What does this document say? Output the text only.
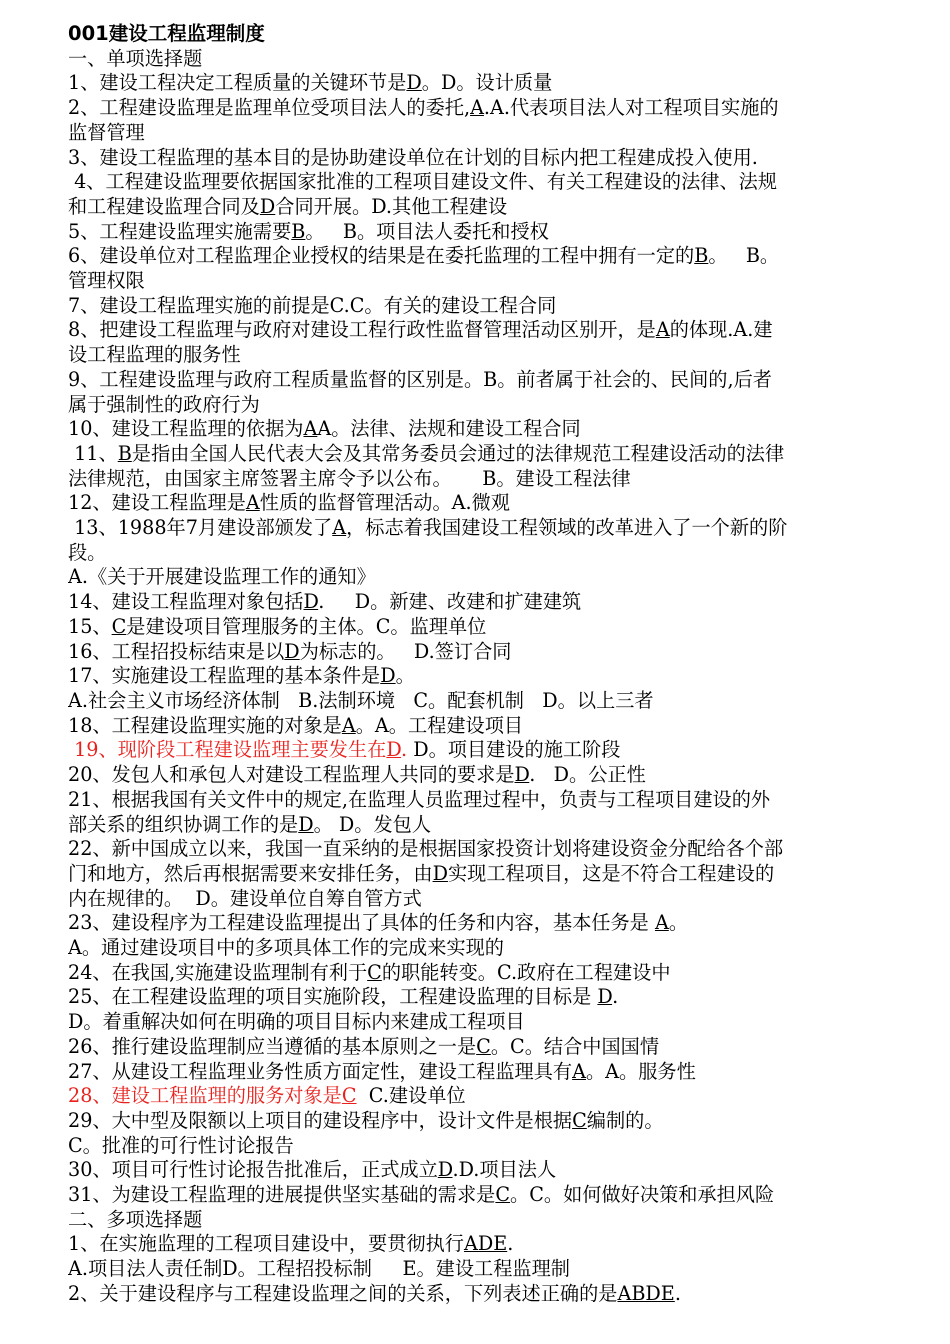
001建设工程监理制度
一、单项选择题
1、建设工程决定工程质量的关键环节是D。D。设计质量
2、工程建设监理是监理单位受项目法人的委托,A.A.代表项目法人对工程项目实施的
监督管理
3、建设工程监理的基本目的是协助建设单位在计划的目标内把工程建成投入使用.
4、工程建设监理要依据国家批准的工程项目建设文件、有关工程建设的法律、法规
和工程建设监理合同及D合同开展。D.其他工程建设
5、工程建设监理实施需要B。   B。项目法人委托和授权
6、建设单位对工程监理企业授权的结果是在委托监理的工程中拥有一定的B。   B。
管理权限
7、建设工程监理实施的前提是C.C。有关的建设工程合同
8、把建设工程监理与政府对建设工程行政性监督管理活动区别开，是A的体现.A.建
设工程监理的服务性
9、工程建设监理与政府工程质量监督的区别是。B。前者属于社会的、民间的,后者
属于强制性的政府行为
10、建设工程监理的依据为AA。法律、法规和建设工程合同
11、B是指由全国人民代表大会及其常务委员会通过的法律规范工程建设活动的法律
法律规范，由国家主席签署主席令予以公布。     B。建设工程法律
12、建设工程监理是A性质的监督管理活动。A.微观
13、1988年7月建设部颁发了A，标志着我国建设工程领域的改革进入了一个新的阶
段。
A.《关于开展建设监理工作的通知》
14、建设工程监理对象包括D.     D。新建、改建和扩建建筑
15、C是建设项目管理服务的主体。C。监理单位
16、工程招投标结束是以D为标志的。   D.签订合同
17、实施建设工程监理的基本条件是D。
A.社会主义市场经济体制   B.法制环境   C。配套机制   D。以上三者
18、工程建设监理实施的对象是A。A。工程建设项目
19、现阶段工程建设监理主要发生在D. D。项目建设的施工阶段
20、发包人和承包人对建设工程监理人共同的要求是D.   D。公正性
21、根据我国有关文件中的规定,在监理人员监理过程中，负责与工程项目建设的外
部关系的组织协调工作的是D。 D。发包人
22、新中国成立以来，我国一直采纳的是根据国家投资计划将建设资金分配给各个部
门和地方，然后再根据需要来安排任务，由D实现工程项目，这是不符合工程建设的
内在规律的。  D。建设单位自筹自管方式
23、建设程序为工程建设监理提出了具体的任务和内容，基本任务是 A。
A。通过建设项目中的多项具体工作的完成来实现的
24、在我国,实施建设监理制有利于C的职能转变。C.政府在工程建设中
25、在工程建设监理的项目实施阶段，工程建设监理的目标是 D.
D。着重解决如何在明确的项目目标内来建成工程项目
26、推行建设监理制应当遵循的基本原则之一是C。C。结合中国国情
27、从建设工程监理业务性质方面定性，建设工程监理具有A。A。服务性
28、建设工程监理的服务对象是C  C.建设单位
29、大中型及限额以上项目的建设程序中，设计文件是根据C编制的。
C。批准的可行性讨论报告
30、项目可行性讨论报告批准后，正式成立D.D.项目法人
31、为建设工程监理的进展提供坚实基础的需求是C。C。如何做好决策和承担风险
二、多项选择题
1、在实施监理的工程项目建设中，要贯彻执行ADE.
A.项目法人责任制D。工程招投标制     E。建设工程监理制
2、关于建设程序与工程建设监理之间的关系，下列表述正确的是ABDE.
